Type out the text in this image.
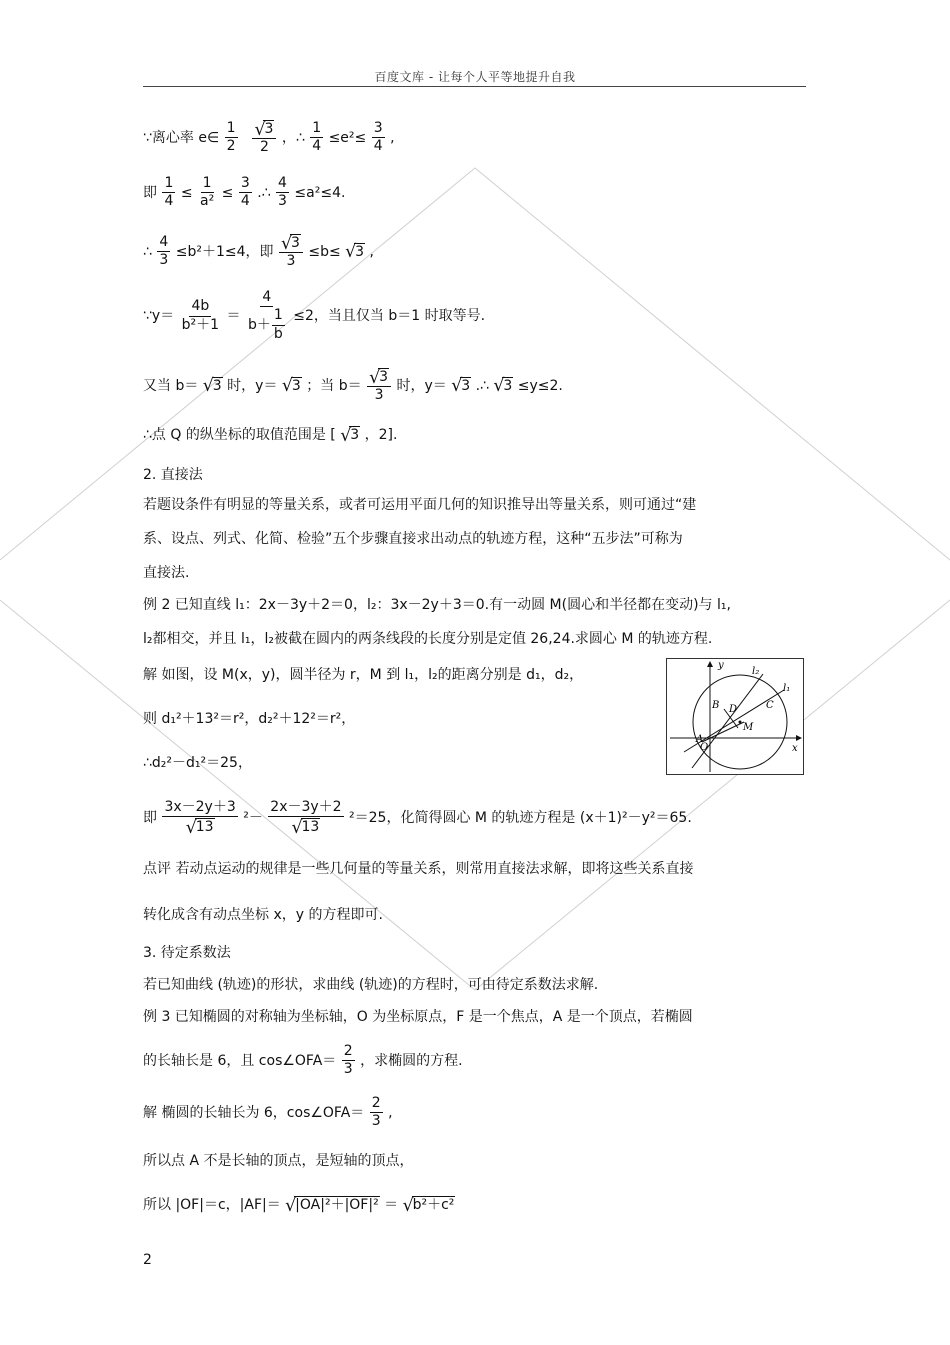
百度文库 - 让每个人平等地提升自我
∵离心率 e∈ $\frac{1}{2}$
√
3
2 ，∴ $\frac{1}{4} \le e^2\le \frac{3}{4}$ ,
即 $\frac{1}{4} \le \frac{1}{\text{a²}} \le \frac{3}{4}$ .∴ $\frac{4}{3} \le a^2\le 4$.
∴ $\frac{4}{3} \le b^2+1\le 4$，即 √
3
3 ≤b≤ √
3 ,
∵y＝ $\frac{4b}{\text{b²＋1}} = \frac{4}{b+ \frac{1}{b}} \le 2$，当且仅当 b＝1 时取等号.
又当 b＝ √
3 时，y＝ √
3 ；当 b＝ √
3
3 时，y＝ √
3 .∴ √
3 ≤y≤2.
∴点 Q 的纵坐标的取值范围是 [ √
3 ，2].
2. 直接法
若题设条件有明显的等量关系，或者可运用平面几何的知识推导出等量关系，则可通过“建
系、设点、列式、化简、检验”五个步骤直接求出动点的轨迹方程，这种“五步法”可称为
直接法.
例 2 已知直线 l₁：2x－3y＋2＝0，l₂：3x－2y＋3＝0.有一动圆 M(圆心和半径都在变动)与 l₁,
l₂都相交，并且 l₁，l₂被截在圆内的两条线段的长度分别是定值 26,24.求圆心 M 的轨迹方程.
解 如图，设 M(x，y)，圆半径为 r，M 到 l₁，l₂的距离分别是 d₁，d₂，
则 d₁²＋13²＝r²，d₂²＋12²＝r²，
∴d₂²－d₁²＝25，
即 3x－2y＋3
√
13 ²－ 2x－3y＋2
√
13 ²＝25，化简得圆心 M 的轨迹方程是 (x＋1)²－y²＝65.
点评 若动点运动的规律是一些几何量的等量关系，则常用直接法求解，即将这些关系直接
转化成含有动点坐标 x，y 的方程即可.
3. 待定系数法
若已知曲线 (轨迹)的形状，求曲线 (轨迹)的方程时，可由待定系数法求解.
例 3 已知椭圆的对称轴为坐标轴，O 为坐标原点，F 是一个焦点，A 是一个顶点，若椭圆
的长轴长是 6，且 cos∠OFA＝ $\frac{2}{3}$ ，求椭圆的方程.
解 椭圆的长轴长为 6，cos∠OFA＝ $\frac{2}{3}$ ,
所以点 A 不是长轴的顶点，是短轴的顶点，
所以 |OF|＝c，|AF|＝ √
|OA|²＋|OF|² ＝ √
b²＋c²
2
y
x
O
A
B	C
D
M
l₂
l₁
